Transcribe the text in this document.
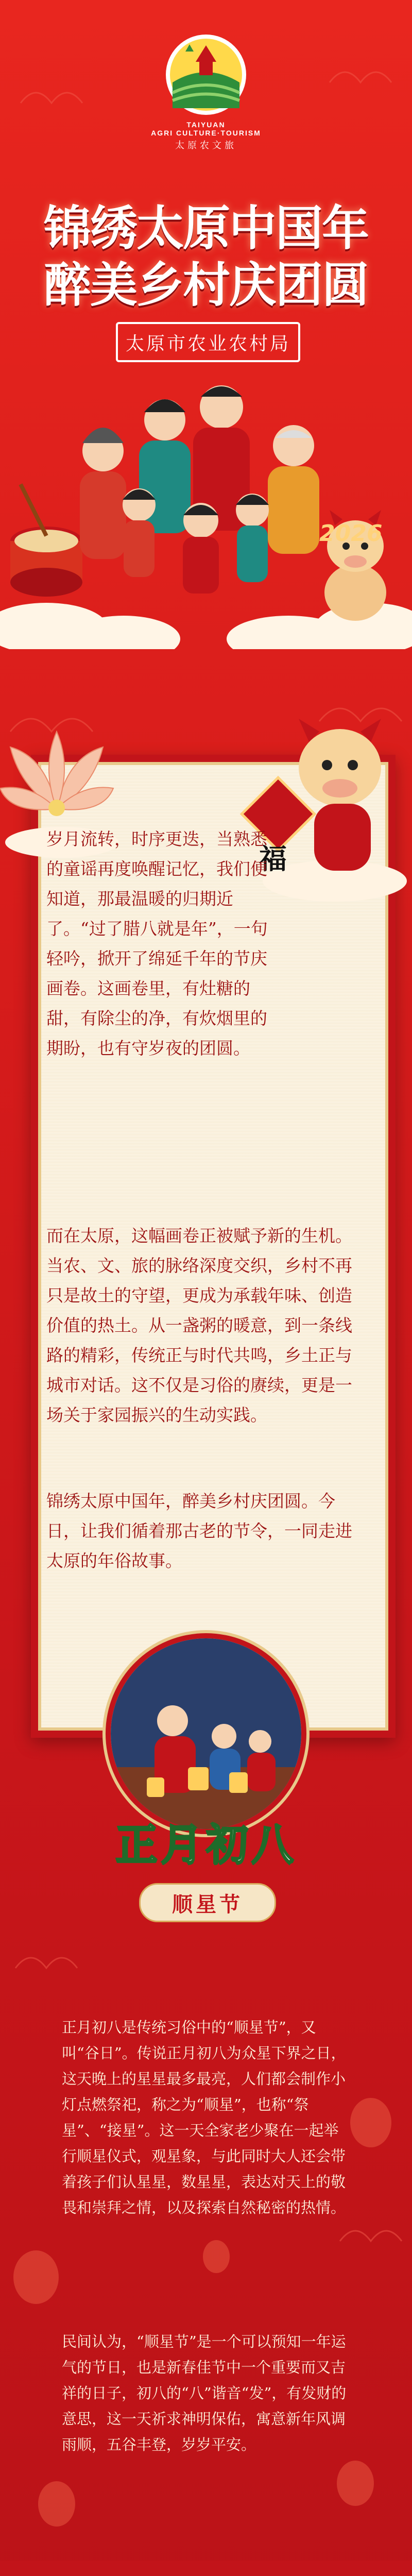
TAIYUAN
AGRI CULTURE·TOURISM
太原农文旅
锦绣太原中国年
醉美乡村庆团圆
太原市农业农村局
2026
福
岁月流转，时序更迭，当熟悉的童谣再度唤醒记忆，我们便知道，那最温暖的归期近了。“过了腊八就是年”，一句轻吟，掀开了绵延千年的节庆画卷。这画卷里，有灶糖的甜，有除尘的净，有炊烟里的期盼，也有守岁夜的团圆。
而在太原，这幅画卷正被赋予新的生机。当农、文、旅的脉络深度交织，乡村不再只是故土的守望，更成为承载年味、创造价值的热土。从一盏粥的暖意，到一条线路的精彩，传统正与时代共鸣，乡土正与城市对话。这不仅是习俗的赓续，更是一场关于家园振兴的生动实践。
锦绣太原中国年，醉美乡村庆团圆。今日，让我们循着那古老的节令，一同走进太原的年俗故事。
正月初八
顺星节
正月初八是传统习俗中的“顺星节”，又叫“谷日”。传说正月初八为众星下界之日，这天晚上的星星最多最亮，人们都会制作小灯点燃祭祀，称之为“顺星”，也称“祭星”、“接星”。这一天全家老少聚在一起举行顺星仪式，观星象，与此同时大人还会带着孩子们认星星，数星星，表达对天上的敬畏和崇拜之情，以及探索自然秘密的热情。
民间认为，“顺星节”是一个可以预知一年运气的节日，也是新春佳节中一个重要而又吉祥的日子，初八的“八”谐音“发”，有发财的意思，这一天祈求神明保佑，寓意新年风调雨顺，五谷丰登，岁岁平安。
